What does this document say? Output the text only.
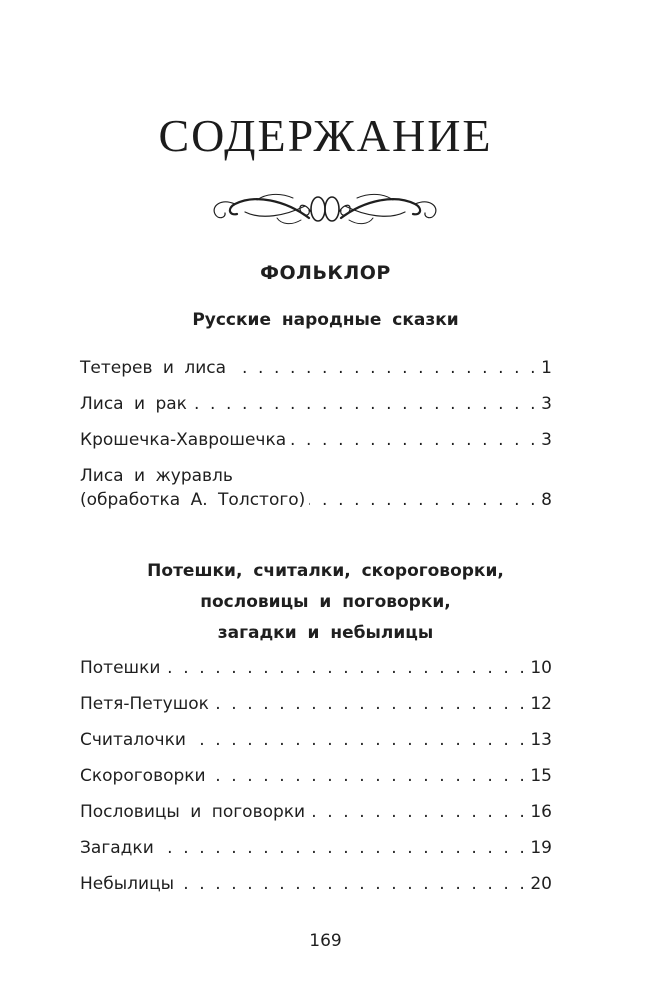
СОДЕРЖАНИЕ
ФОЛЬКЛОР
Русские народные сказки
Тетерев и лиса . . .	1
Лиса и рак . . .	3
Крошечка-Хаврошечка . . .	3
Лиса и журавль
(обработка А. Толстого) . . .	8
Потешки, считалки, скороговорки,
пословицы и поговорки,
загадки и небылицы
Потешки . . .	10
Петя-Петушок . . .	12
Считалочки . . .	13
Скороговорки . . .	15
Пословицы и поговорки . . .	16
Загадки . . .	19
Небылицы . . .	20
169
